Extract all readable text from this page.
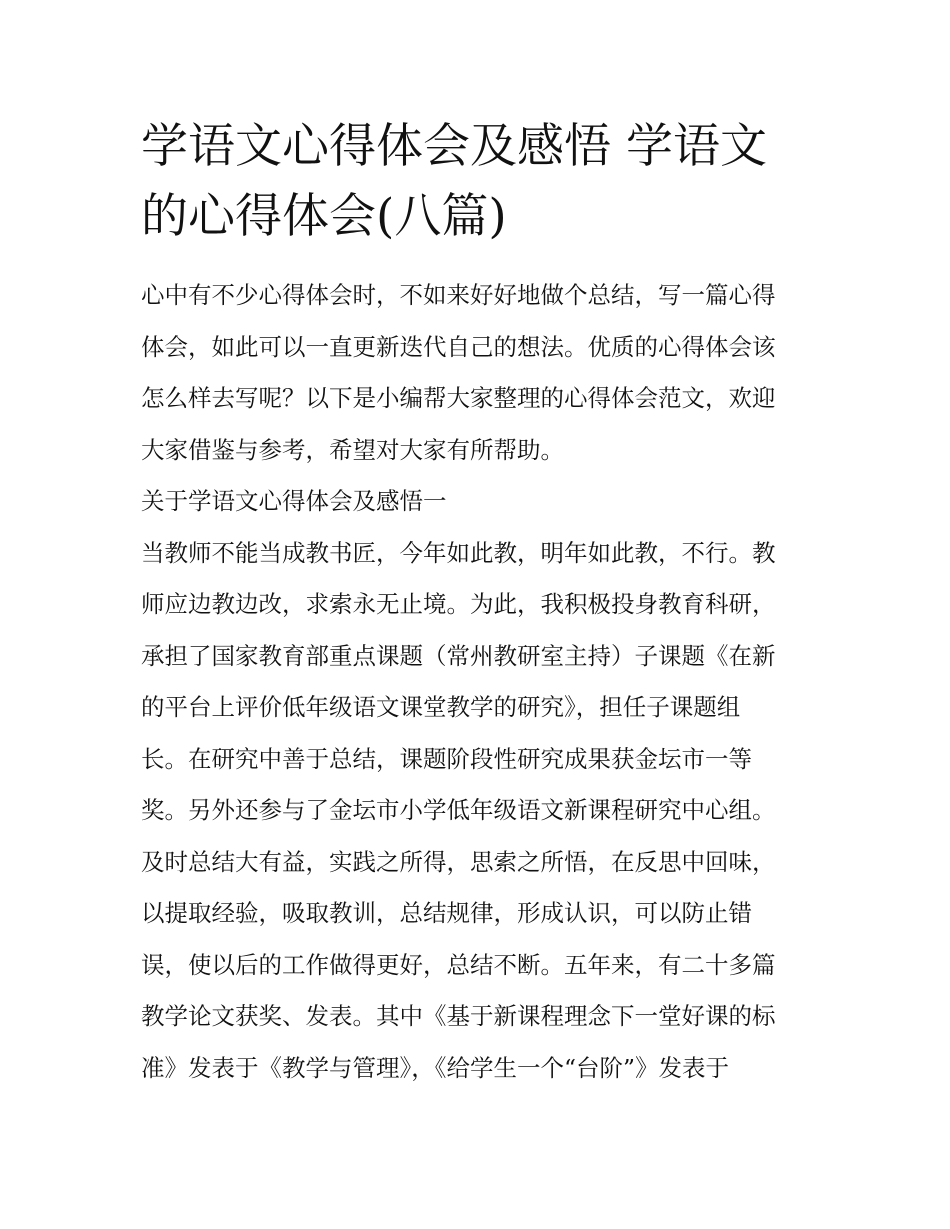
学语文心得体会及感悟 学语文
的心得体会(八篇)
心中有不少心得体会时，不如来好好地做个总结，写一篇心得
体会，如此可以一直更新迭代自己的想法。优质的心得体会该
怎么样去写呢？以下是小编帮大家整理的心得体会范文，欢迎
大家借鉴与参考，希望对大家有所帮助。
关于学语文心得体会及感悟一
当教师不能当成教书匠，今年如此教，明年如此教，不行。教
师应边教边改，求索永无止境。为此，我积极投身教育科研，
承担了国家教育部重点课题（常州教研室主持）子课题《在新
的平台上评价低年级语文课堂教学的研究》，担任子课题组
长。在研究中善于总结，课题阶段性研究成果获金坛市一等
奖。另外还参与了金坛市小学低年级语文新课程研究中心组。
及时总结大有益，实践之所得，思索之所悟，在反思中回味，
以提取经验，吸取教训，总结规律，形成认识，可以防止错
误，使以后的工作做得更好，总结不断。五年来，有二十多篇
教学论文获奖、发表。其中《基于新课程理念下一堂好课的标
准》发表于《教学与管理》，《给学生一个“台阶”》发表于
